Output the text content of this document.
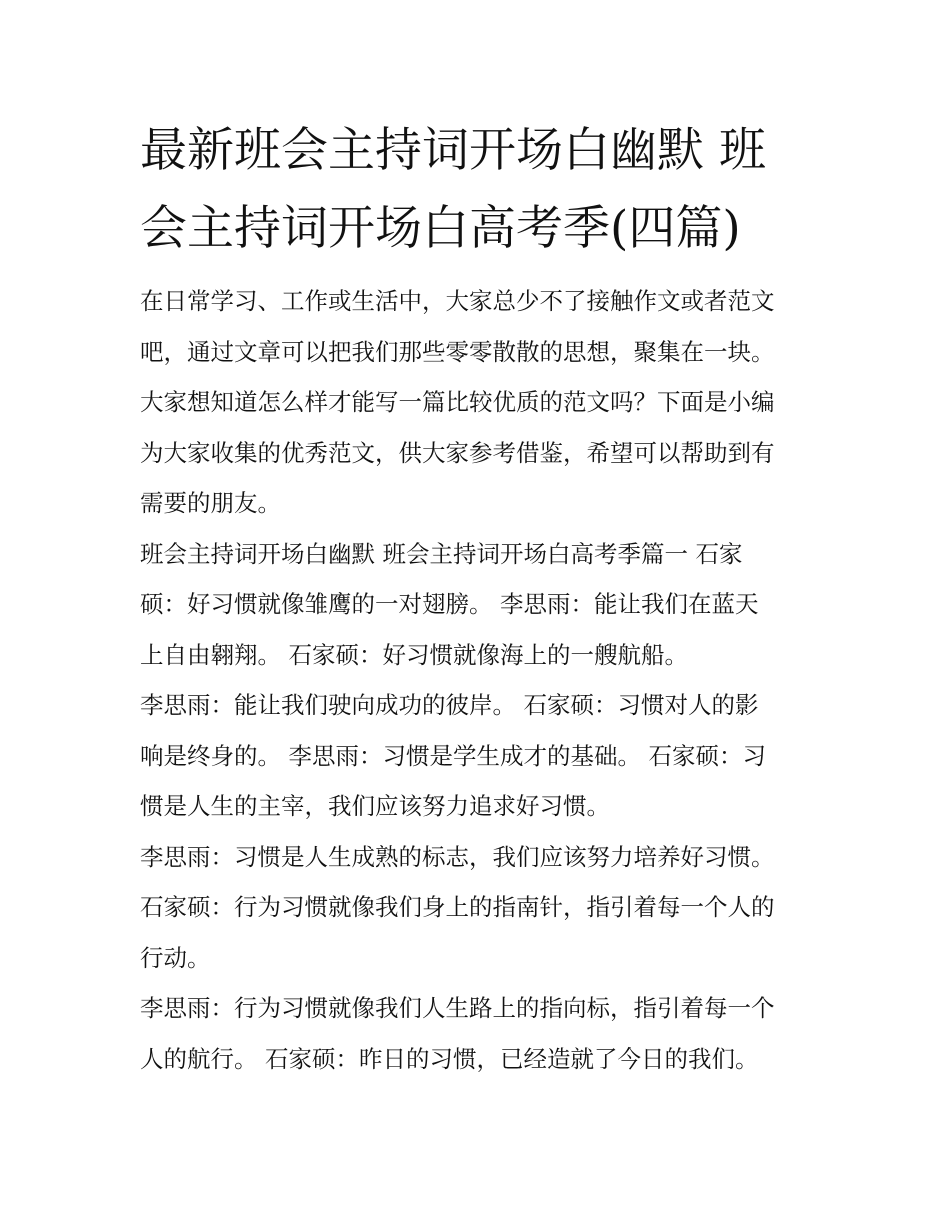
最新班会主持词开场白幽默 班
会主持词开场白高考季(四篇)
在日常学习、工作或生活中，大家总少不了接触作文或者范文
吧，通过文章可以把我们那些零零散散的思想，聚集在一块。
大家想知道怎么样才能写一篇比较优质的范文吗？下面是小编
为大家收集的优秀范文，供大家参考借鉴，希望可以帮助到有
需要的朋友。
班会主持词开场白幽默 班会主持词开场白高考季篇一 石家
硕：好习惯就像雏鹰的一对翅膀。 李思雨：能让我们在蓝天
上自由翱翔。 石家硕：好习惯就像海上的一艘航船。
李思雨：能让我们驶向成功的彼岸。 石家硕：习惯对人的影
响是终身的。 李思雨：习惯是学生成才的基础。 石家硕：习
惯是人生的主宰，我们应该努力追求好习惯。
李思雨：习惯是人生成熟的标志，我们应该努力培养好习惯。
石家硕：行为习惯就像我们身上的指南针，指引着每一个人的
行动。
李思雨：行为习惯就像我们人生路上的指向标，指引着每一个
人的航行。 石家硕：昨日的习惯，已经造就了今日的我们。
